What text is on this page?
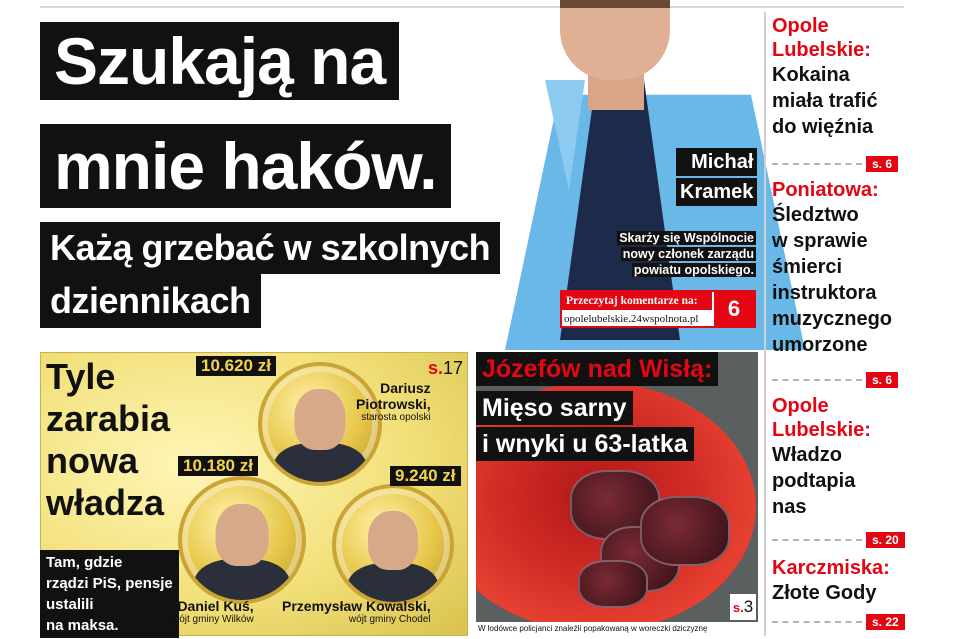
Szukają na
mnie haków.
Każą grzebać w szkolnych
dziennikach
Michał
Kramek
Skarży się Wspólnocie
nowy członek zarządu
powiatu opolskiego.
Przeczytaj komentarze na:
opolelubelskie.24wspolnota.pl	6
Tyle
zarabia
nowa
władza
Tam, gdzie
rządzi PiS, pensje
ustalili
na maksa.
10.620 zł
10.180 zł
9.240 zł
Dariusz
Piotrowski,
starosta opolski
Daniel Kuś,
wójt gminy Wilków
Przemysław Kowalski,
wójt gminy Chodel
s.17 Józefów nad Wisłą:
Mięso sarny
i wnyki u 63-latka
s.3
W lodówce policjanci znaleźli popakowaną w woreczki dziczyznę
Opole
Lubelskie:
Kokaina
miała trafić
do więźnia
s. 6
Poniatowa:
Śledztwo
w sprawie
śmierci
instruktora
muzycznego
umorzone
s. 6
Opole
Lubelskie:
Władzo
podtapia
nas
s. 20
Karczmiska:
Złote Gody
s. 22
